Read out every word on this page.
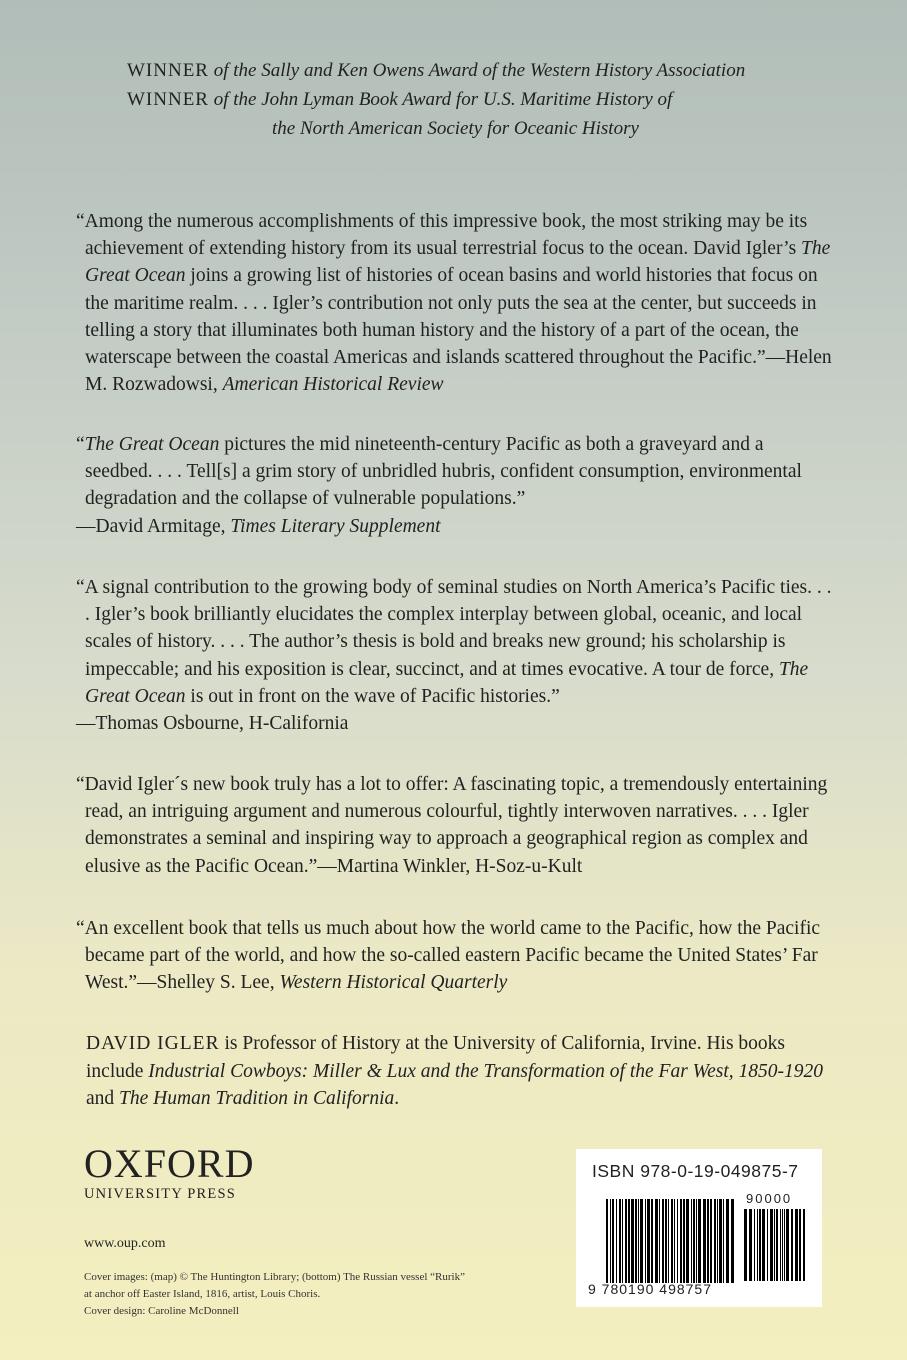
WINNER of the Sally and Ken Owens Award of the Western History Association
WINNER of the John Lyman Book Award for U.S. Maritime History of
the North American Society for Oceanic History

“Among the numerous accomplishments of this impressive book, the most striking may be its achievement of extending history from its usual terrestrial focus to the ocean. David Igler’s The Great Ocean joins a growing list of histories of ocean basins and world histories that focus on the maritime realm. . . . Igler’s contribution not only puts the sea at the center, but succeeds in telling a story that illuminates both human history and the history of a part of the ocean, the waterscape between the coastal Americas and islands scattered throughout the Pacific.”—Helen M. Rozwadowsi, American Historical Review

“The Great Ocean pictures the mid nineteenth-century Pacific as both a graveyard and a seedbed. . . . Tell[s] a grim story of unbridled hubris, confident consumption, environmental degradation and the collapse of vulnerable populations.”

—David Armitage, Times Literary Supplement

“A signal contribution to the growing body of seminal studies on North America’s Pacific ties. . . . Igler’s book brilliantly elucidates the complex interplay between global, oceanic, and local scales of history. . . . The author’s thesis is bold and breaks new ground; his scholarship is impeccable; and his exposition is clear, succinct, and at times evocative. A tour de force, The Great Ocean is out in front on the wave of Pacific histories.”

—Thomas Osbourne, H-California

“David Igler´s new book truly has a lot to offer: A fascinating topic, a tremendously entertaining read, an intriguing argument and numerous colourful, tightly interwoven narratives. . . . Igler demonstrates a seminal and inspiring way to approach a geographical region as complex and elusive as the Pacific Ocean.”—Martina Winkler, H-Soz-u-Kult

“An excellent book that tells us much about how the world came to the Pacific, how the Pacific became part of the world, and how the so-called eastern Pacific became the United States’ Far West.”—Shelley S. Lee, Western Historical Quarterly

DAVID IGLER is Professor of History at the University of California, Irvine. His books include Industrial Cowboys: Miller & Lux and the Transformation of the Far West, 1850-1920 and The Human Tradition in California.
OXFORD
UNIVERSITY PRESS
www.oup.com
Cover images: (map) © The Huntington Library; (bottom) The Russian vessel “Rurik”
at anchor off Easter Island, 1816, artist, Louis Choris.
Cover design: Caroline McDonnell
ISBN 978-0-19-049875-7
90000
9 780190 498757
